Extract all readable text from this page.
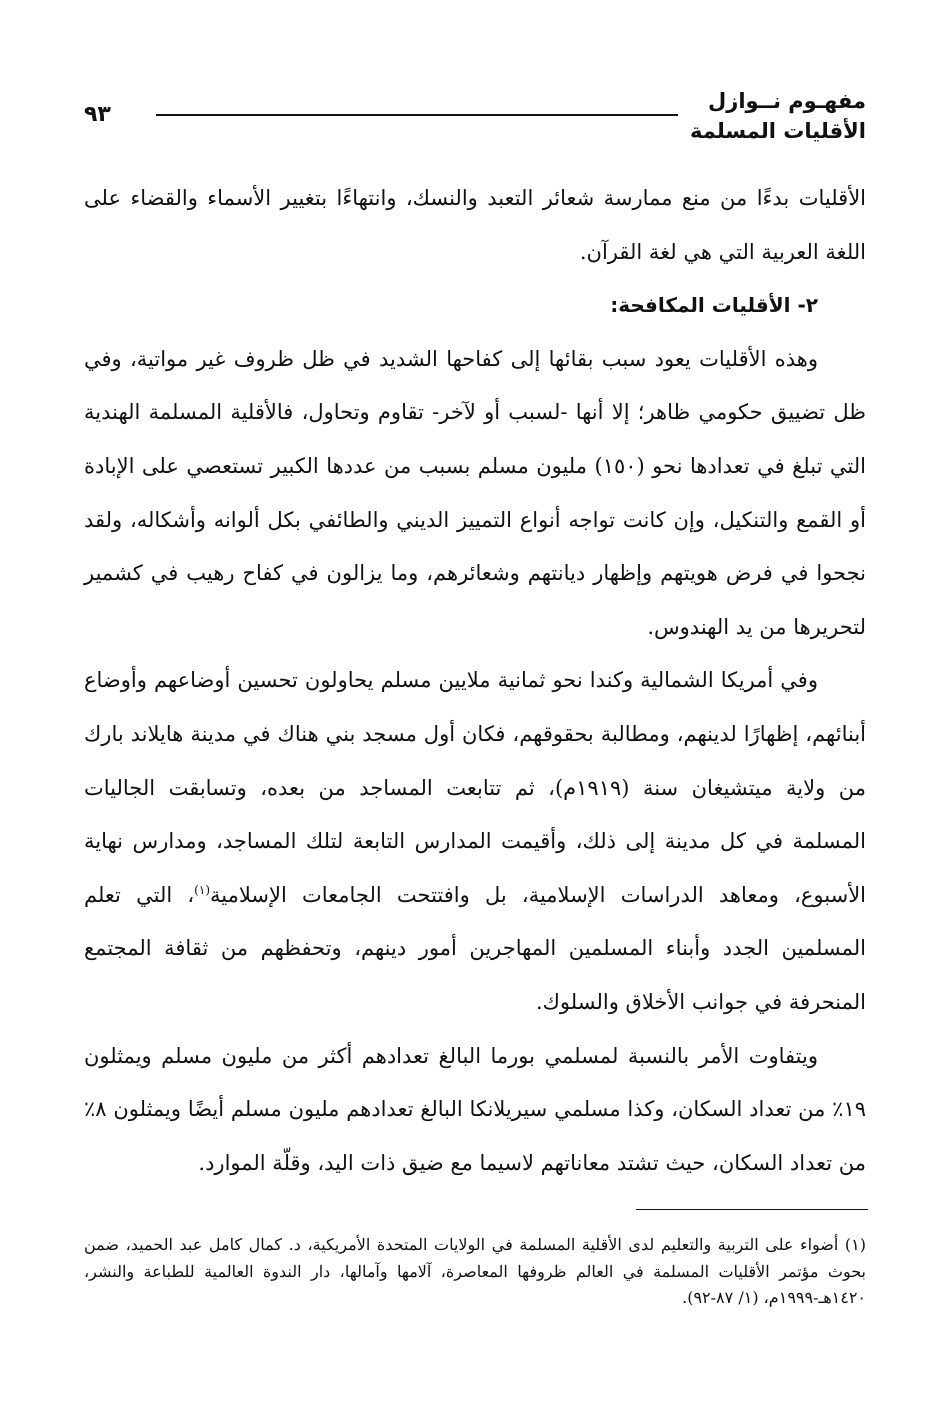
مفهـوم نــوازل
الأقليات المسلمة
٩٣

الأقليات بدءًا من منع ممارسة شعائر التعبد والنسك، وانتهاءًا بتغيير الأسماء والقضاء على اللغة العربية التي هي لغة القرآن.

٢- الأقليات المكافحة:

وهذه الأقليات يعود سبب بقائها إلى كفاحها الشديد في ظل ظروف غير مواتية، وفي ظل تضييق حكومي ظاهر؛ إلا أنها -لسبب أو لآخر- تقاوم وتحاول، فالأقلية المسلمة الهندية التي تبلغ في تعدادها نحو (١٥٠) مليون مسلم بسبب من عددها الكبير تستعصي على الإبادة أو القمع والتنكيل، وإن كانت تواجه أنواع التمييز الديني والطائفي بكل ألوانه وأشكاله، ولقد نجحوا في فرض هويتهم وإظهار ديانتهم وشعائرهم، وما يزالون في كفاح رهيب في كشمير لتحريرها من يد الهندوس.

وفي أمريكا الشمالية وكندا نحو ثمانية ملايين مسلم يحاولون تحسين أوضاعهم وأوضاع أبنائهم، إظهارًا لدينهم، ومطالبة بحقوقهم، فكان أول مسجد بني هناك في مدينة هايلاند بارك من ولاية ميتشيغان سنة (١٩١٩م)، ثم تتابعت المساجد من بعده، وتسابقت الجاليات المسلمة في كل مدينة إلى ذلك، وأقيمت المدارس التابعة لتلك المساجد، ومدارس نهاية الأسبوع، ومعاهد الدراسات الإسلامية، بل وافتتحت الجامعات الإسلامية$^{(١)}$، التي تعلم المسلمين الجدد وأبناء المسلمين المهاجرين أمور دينهم، وتحفظهم من ثقافة المجتمع المنحرفة في جوانب الأخلاق والسلوك.

ويتفاوت الأمر بالنسبة لمسلمي بورما البالغ تعدادهم أكثر من مليون مسلم ويمثلون ١٩٪ من تعداد السكان، وكذا مسلمي سيريلانكا البالغ تعدادهم مليون مسلم أيضًا ويمثلون ٨٪ من تعداد السكان، حيث تشتد معاناتهم لاسيما مع ضيق ذات اليد، وقلّة الموارد.

(١) أضواء على التربية والتعليم لدى الأقلية المسلمة في الولايات المتحدة الأمريكية، د. كمال كامل عبد الحميد، ضمن بحوث مؤتمر الأقليات المسلمة في العالم ظروفها المعاصرة، آلامها وآمالها، دار الندوة العالمية للطباعة والنشر، ١٤٢٠هـ-١٩٩٩م، (١/ ٨٧-٩٢).
